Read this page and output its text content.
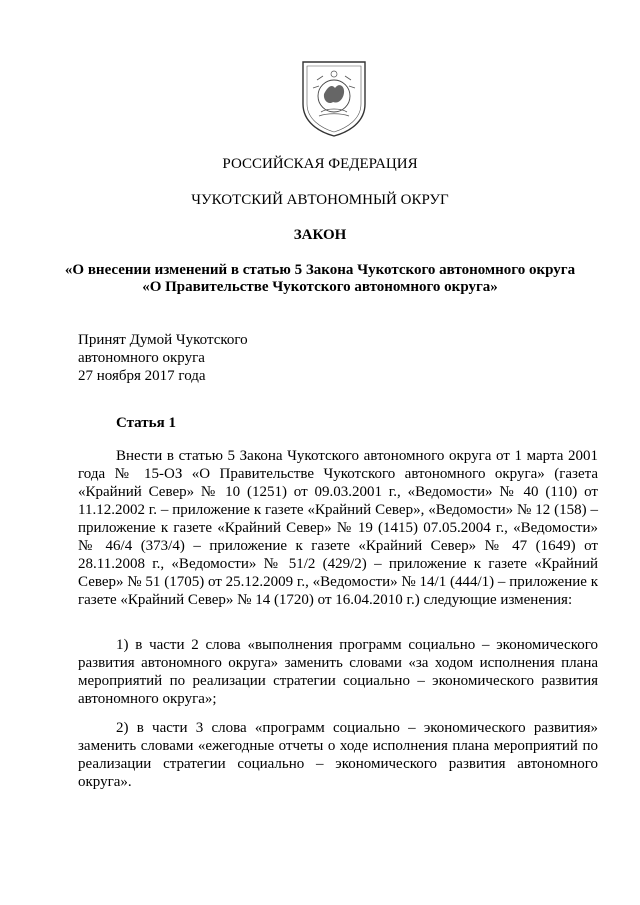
РОССИЙСКАЯ ФЕДЕРАЦИЯ
ЧУКОТСКИЙ АВТОНОМНЫЙ ОКРУГ
ЗАКОН
«О внесении изменений в статью 5 Закона Чукотского автономного округа
«О Правительстве Чукотского автономного округа»
Принят Думой Чукотского
автономного округа
27 ноября 2017 года
Статья 1
Внести в статью 5 Закона Чукотского автономного округа от 1 марта 2001 года № 15-ОЗ «О Правительстве Чукотского автономного округа» (газета «Крайний Север» № 10 (1251) от 09.03.2001 г., «Ведомости» № 40 (110) от 11.12.2002 г. – приложение к газете «Крайний Север», «Ведомости» № 12 (158) – приложение к газете «Крайний Север» № 19 (1415) 07.05.2004 г., «Ведомости» № 46/4 (373/4) – приложение к газете «Крайний Север» № 47 (1649) от 28.11.2008 г., «Ведомости» № 51/2 (429/2) – приложение к газете «Крайний Север» № 51 (1705) от 25.12.2009 г., «Ведомости» № 14/1 (444/1) – приложение к газете «Крайний Север» № 14 (1720) от 16.04.2010 г.) следующие изменения:
1) в части 2 слова «выполнения программ социально – экономического развития автономного округа» заменить словами «за ходом исполнения плана мероприятий по реализации стратегии социально – экономического развития автономного округа»;
2) в части 3 слова «программ социально – экономического развития» заменить словами «ежегодные отчеты о ходе исполнения плана мероприятий по реализации стратегии социально – экономического развития автономного округа».
